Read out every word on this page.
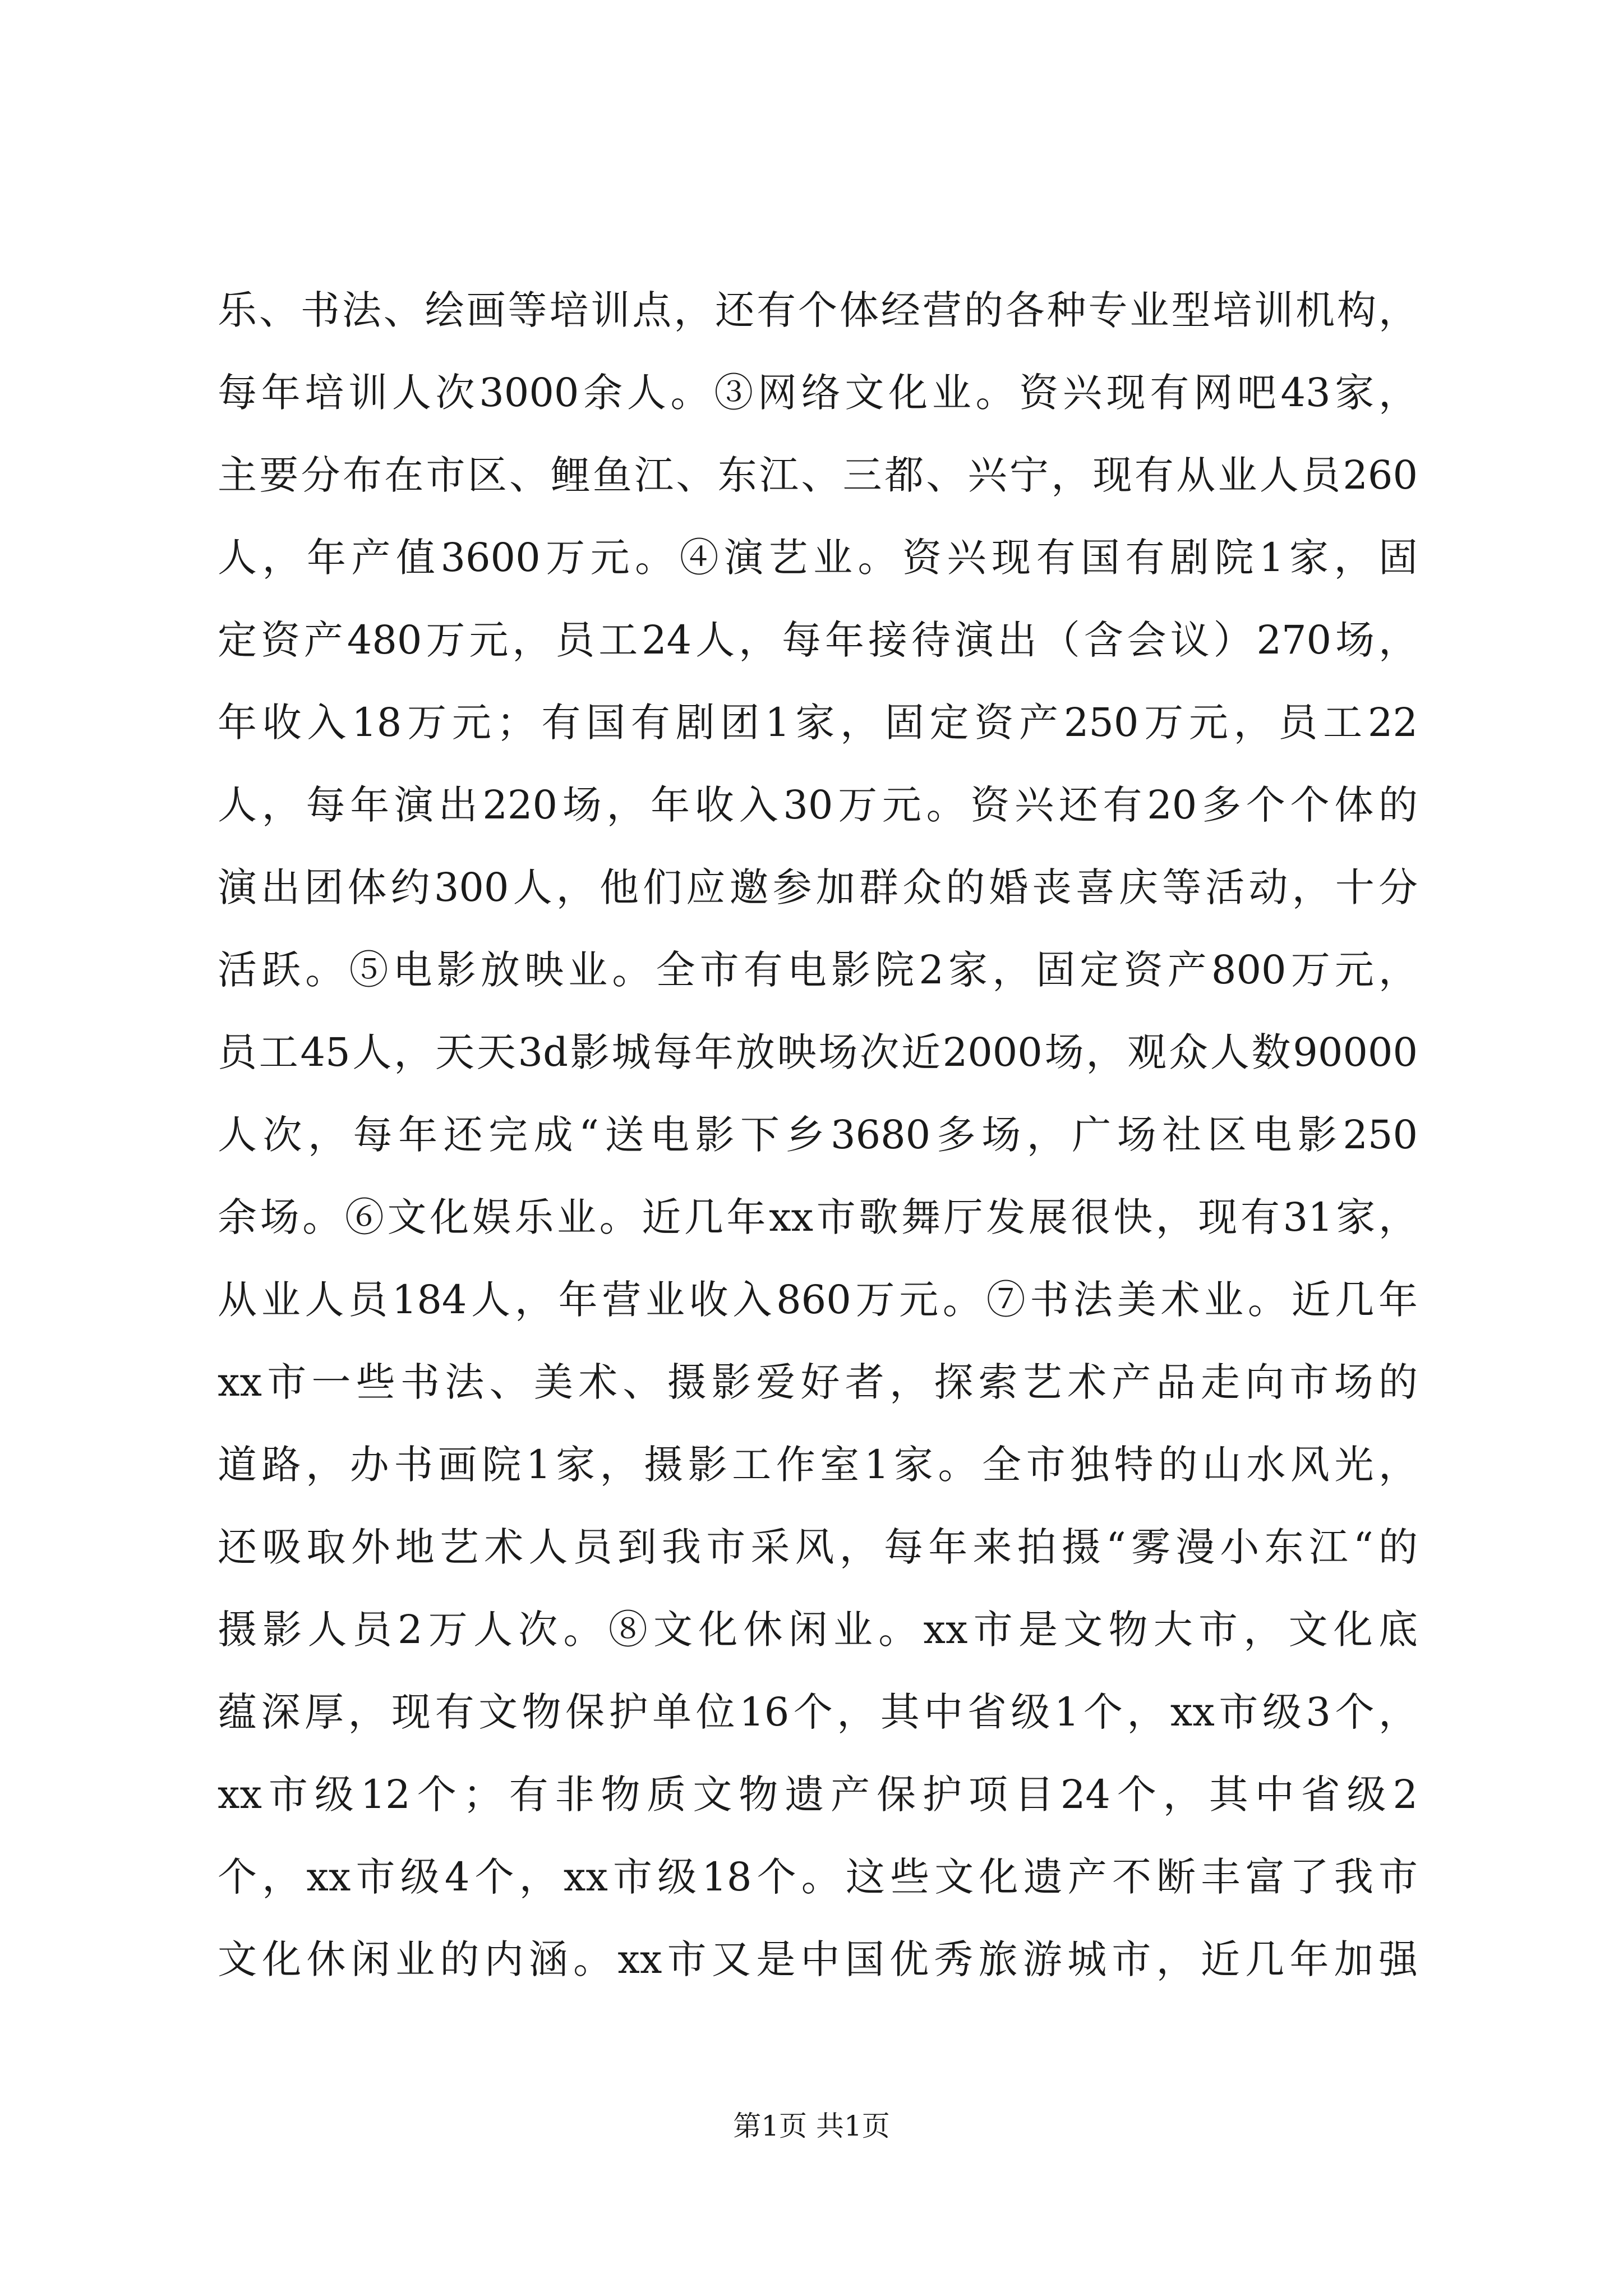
乐、书法、绘画等培训点，还有个体经营的各种专业型培训机构，
每年培训人次3000余人。③网络文化业。资兴现有网吧43家，
主要分布在市区、鲤鱼江、东江、三都、兴宁，现有从业人员260
人，年产值3600万元。④演艺业。资兴现有国有剧院1家，固
定资产480万元，员工24人，每年接待演出（含会议）270场，
年收入18万元；有国有剧团1家，固定资产250万元，员工22
人，每年演出220场，年收入30万元。资兴还有20多个个体的
演出团体约300人，他们应邀参加群众的婚丧喜庆等活动，十分
活跃。⑤电影放映业。全市有电影院2家，固定资产800万元，
员工45人，天天3d影城每年放映场次近2000场，观众人数90000
人次，每年还完成“送电影下乡3680多场，广场社区电影250
余场。⑥文化娱乐业。近几年xx市歌舞厅发展很快，现有31家，
从业人员184人，年营业收入860万元。⑦书法美术业。近几年
xx市一些书法、美术、摄影爱好者，探索艺术产品走向市场的
道路，办书画院1家，摄影工作室1家。全市独特的山水风光，
还吸取外地艺术人员到我市采风，每年来拍摄“雾漫小东江“的
摄影人员2万人次。⑧文化休闲业。xx市是文物大市，文化底
蕴深厚，现有文物保护单位16个，其中省级1个，xx市级3个，
xx市级12个；有非物质文物遗产保护项目24个，其中省级2
个，xx市级4个，xx市级18个。这些文化遗产不断丰富了我市
文化休闲业的内涵。xx市又是中国优秀旅游城市，近几年加强
第1页 共1页
